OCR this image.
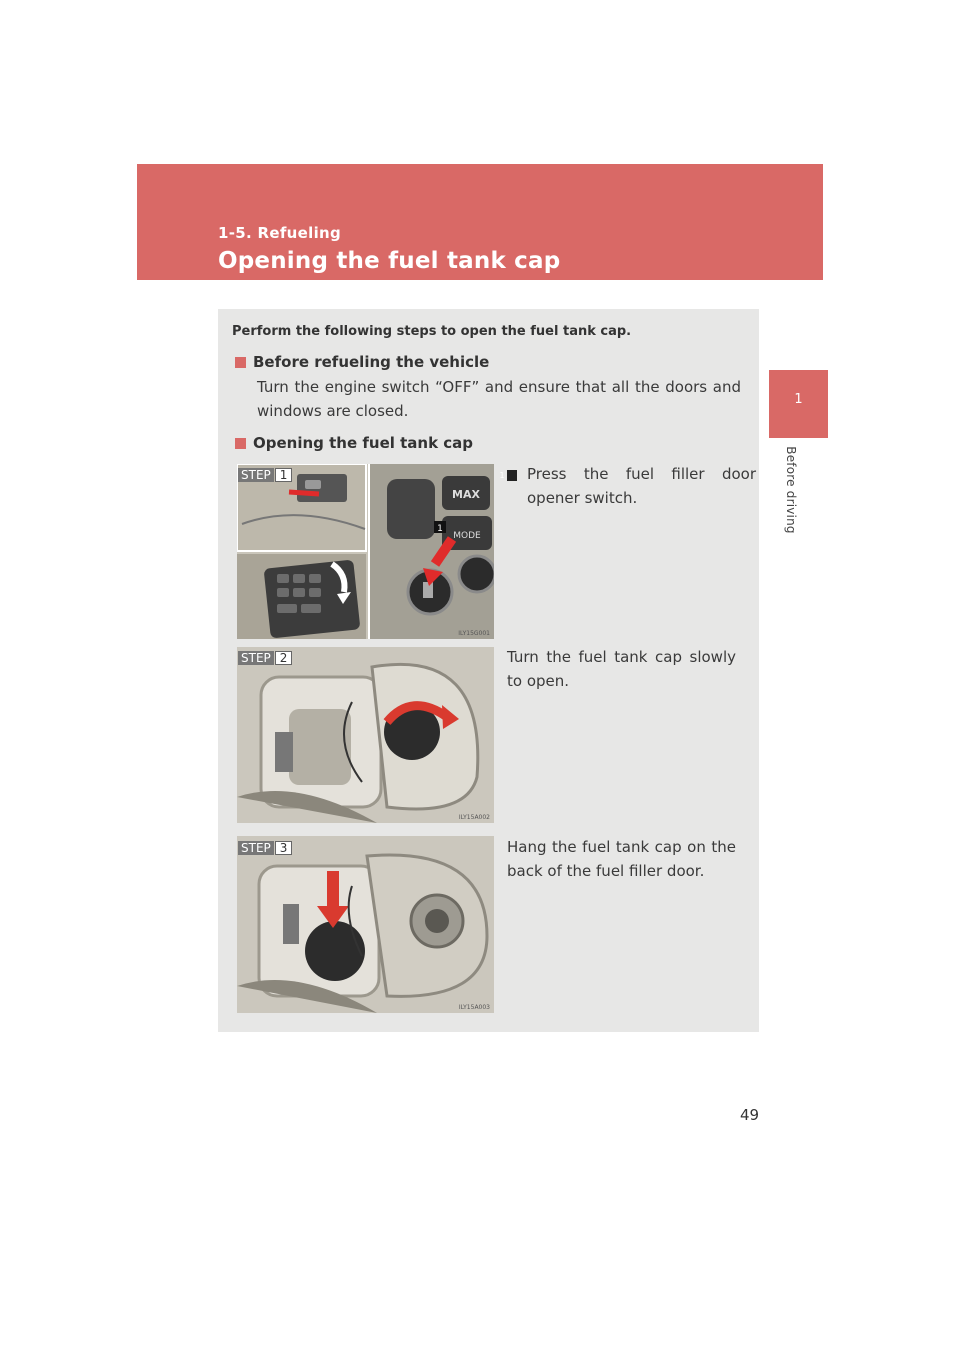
1-5. Refueling
Opening the fuel tank cap
1
Before driving
Perform the following steps to open the fuel tank cap.
Before refueling the vehicle
Turn the engine switch “OFF” and ensure that all the doors and windows are closed.
Opening the fuel tank cap
STEP 1
MAX
MODE
1
ILY15G001
1 Press the fuel filler door opener switch.
STEP 2
ILY15A002
Turn the fuel tank cap slowly to open.
STEP 3
ILY15A003
Hang the fuel tank cap on the back of the fuel filler door.
49
